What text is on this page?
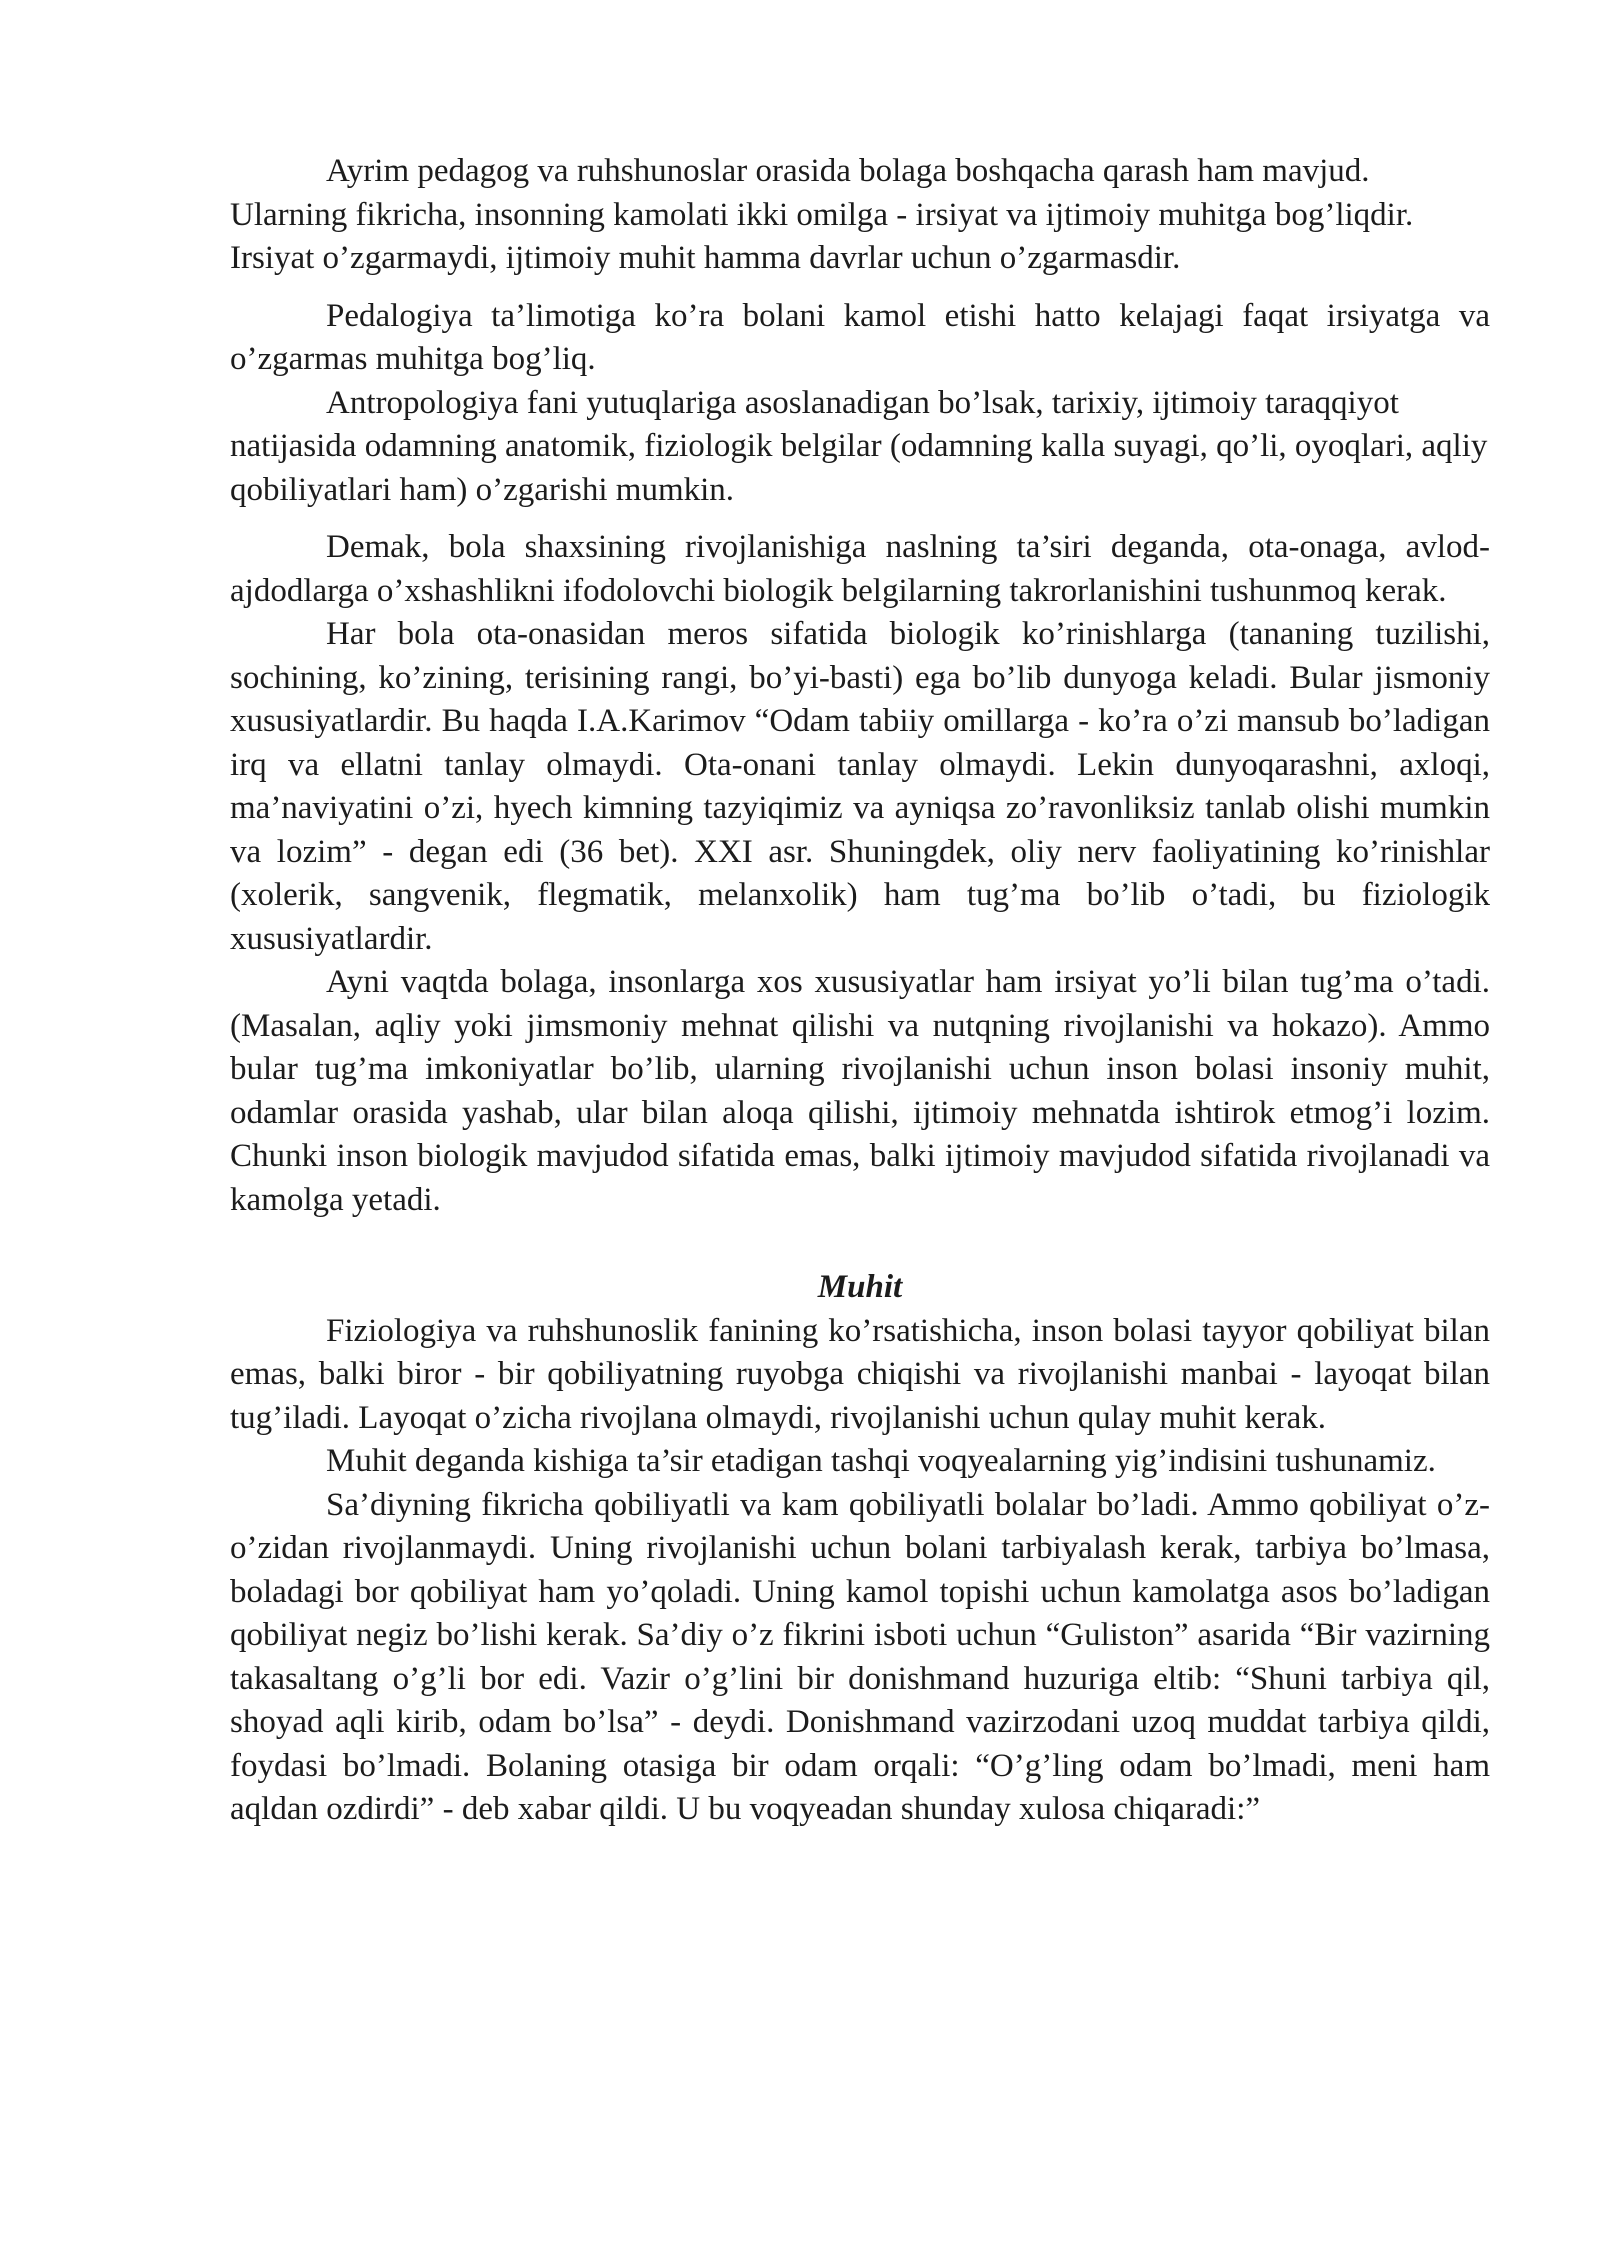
Ayrim pedagog va ruhshunoslar orasida bolaga boshqacha qarash ham mavjud. Ularning fikricha, insonning kamolati ikki omilga - irsiyat va ijtimoiy muhitga bog’liqdir. Irsiyat o’zgarmaydi, ijtimoiy muhit hamma davrlar uchun o’zgarmasdir.

Pedalogiya ta’limotiga ko’ra bolani kamol etishi hatto kelajagi faqat irsiyatga va o’zgarmas muhitga bog’liq.

Antropologiya fani yutuqlariga asoslanadigan bo’lsak, tarixiy, ijtimoiy taraqqiyot natijasida odamning anatomik, fiziologik belgilar (odamning kalla suyagi, qo’li, oyoqlari, aqliy qobiliyatlari ham) o’zgarishi mumkin.

Demak, bola shaxsining rivojlanishiga naslning ta’siri deganda, ota-onaga, avlod-ajdodlarga o’xshashlikni ifodolovchi biologik belgilarning takrorlanishini tushunmoq kerak.

Har bola ota-onasidan meros sifatida biologik ko’rinishlarga (tananing tuzilishi, sochining, ko’zining, terisining rangi, bo’yi-basti) ega bo’lib dunyoga keladi. Bular jismoniy xususiyatlardir. Bu haqda I.A.Karimov “Odam tabiiy omillarga - ko’ra o’zi mansub bo’ladigan irq va ellatni tanlay olmaydi. Ota-onani tanlay olmaydi. Lekin dunyoqarashni, axloqi, ma’naviyatini o’zi, hyech kimning tazyiqimiz va ayniqsa zo’ravonliksiz tanlab olishi mumkin va lozim” - degan edi (36 bet). XXI asr. Shuningdek, oliy nerv faoliyatining ko’rinishlar (xolerik, sangvenik, flegmatik, melanxolik) ham tug’ma bo’lib o’tadi, bu fiziologik xususiyatlardir.

Ayni vaqtda bolaga, insonlarga xos xususiyatlar ham irsiyat yo’li bilan tug’ma o’tadi. (Masalan, aqliy yoki jimsmoniy mehnat qilishi va nutqning rivojlanishi va hokazo). Ammo bular tug’ma imkoniyatlar bo’lib, ularning rivojlanishi uchun inson bolasi insoniy muhit, odamlar orasida yashab, ular bilan aloqa qilishi, ijtimoiy mehnatda ishtirok etmog’i lozim. Chunki inson biologik mavjudod sifatida emas, balki ijtimoiy mavjudod sifatida rivojlanadi va kamolga yetadi.

Muhit

Fiziologiya va ruhshunoslik fanining ko’rsatishicha, inson bolasi tayyor qobiliyat bilan emas, balki biror - bir qobiliyatning ruyobga chiqishi va rivojlanishi manbai - layoqat bilan tug’iladi. Layoqat o’zicha rivojlana olmaydi, rivojlanishi uchun qulay muhit kerak.

Muhit deganda kishiga ta’sir etadigan tashqi voqyealarning yig’indisini tushunamiz.

Sa’diyning fikricha qobiliyatli va kam qobiliyatli bolalar bo’ladi. Ammo qobiliyat o’z-o’zidan rivojlanmaydi. Uning rivojlanishi uchun bolani tarbiyalash kerak, tarbiya bo’lmasa, boladagi bor qobiliyat ham yo’qoladi. Uning kamol topishi uchun kamolatga asos bo’ladigan qobiliyat negiz bo’lishi kerak. Sa’diy o’z fikrini isboti uchun “Guliston” asarida “Bir vazirning takasaltang o’g’li bor edi. Vazir o’g’lini bir donishmand huzuriga eltib: “Shuni tarbiya qil, shoyad aqli kirib, odam bo’lsa” - deydi. Donishmand vazirzodani uzoq muddat tarbiya qildi, foydasi bo’lmadi. Bolaning otasiga bir odam orqali: “O’g’ling odam bo’lmadi, meni ham aqldan ozdirdi” - deb xabar qildi. U bu voqyeadan shunday xulosa chiqaradi:”
